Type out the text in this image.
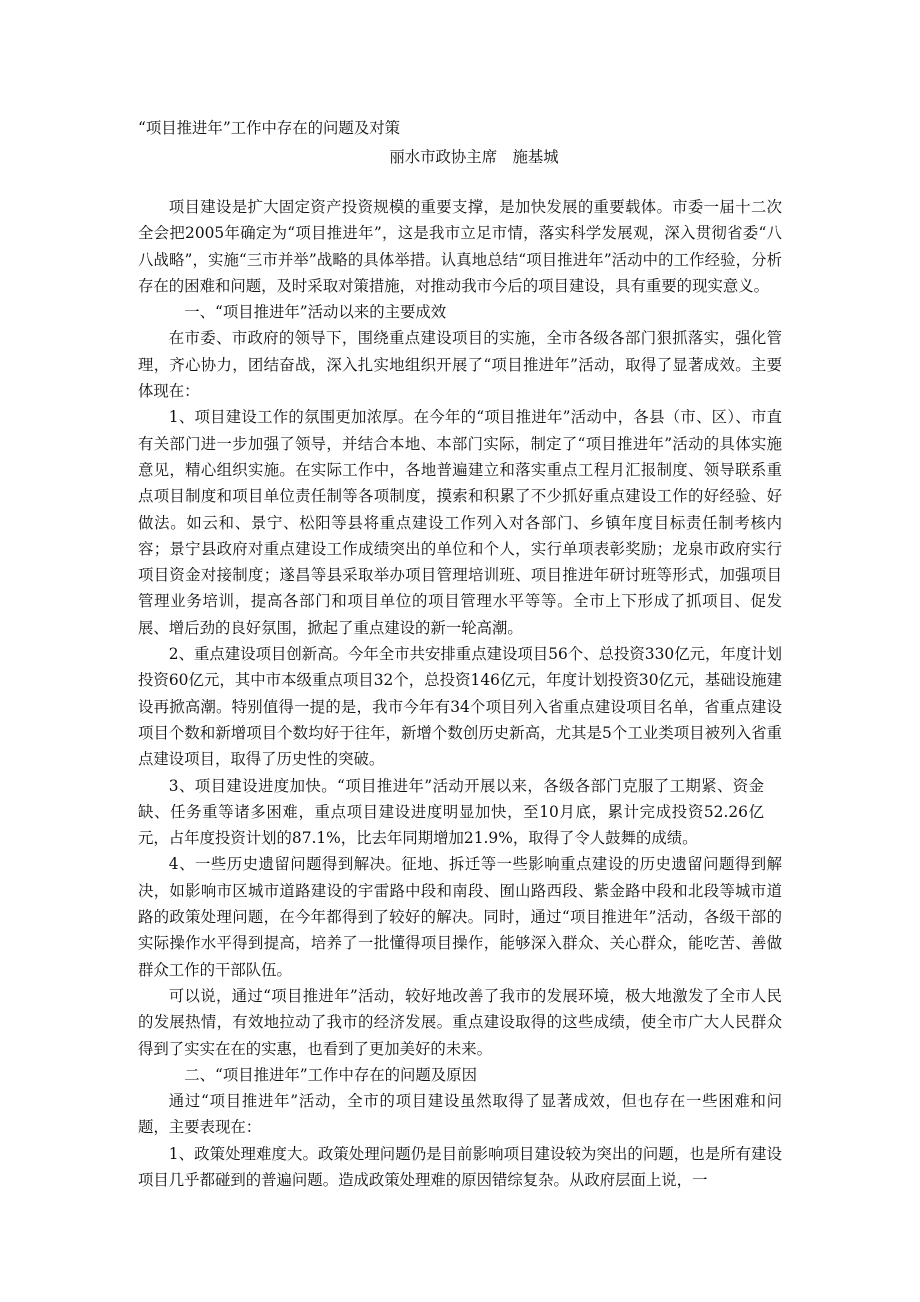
“项目推进年”工作中存在的问题及对策

丽水市政协主席　施基城

项目建设是扩大固定资产投资规模的重要支撑，是加快发展的重要载体。市委一届十二次全会把2005年确定为“项目推进年”，这是我市立足市情，落实科学发展观，深入贯彻省委“八八战略”，实施“三市并举”战略的具体举措。认真地总结“项目推进年”活动中的工作经验，分析存在的困难和问题，及时采取对策措施，对推动我市今后的项目建设，具有重要的现实意义。

一、“项目推进年”活动以来的主要成效

在市委、市政府的领导下，围绕重点建设项目的实施，全市各级各部门狠抓落实，强化管理，齐心协力，团结奋战，深入扎实地组织开展了“项目推进年”活动，取得了显著成效。主要体现在：

1、项目建设工作的氛围更加浓厚。在今年的“项目推进年”活动中，各县（市、区）、市直有关部门进一步加强了领导，并结合本地、本部门实际，制定了“项目推进年”活动的具体实施意见，精心组织实施。在实际工作中，各地普遍建立和落实重点工程月汇报制度、领导联系重点项目制度和项目单位责任制等各项制度，摸索和积累了不少抓好重点建设工作的好经验、好做法。如云和、景宁、松阳等县将重点建设工作列入对各部门、乡镇年度目标责任制考核内容；景宁县政府对重点建设工作成绩突出的单位和个人，实行单项表彰奖励；龙泉市政府实行项目资金对接制度；遂昌等县采取举办项目管理培训班、项目推进年研讨班等形式，加强项目管理业务培训，提高各部门和项目单位的项目管理水平等等。全市上下形成了抓项目、促发展、增后劲的良好氛围，掀起了重点建设的新一轮高潮。

2、重点建设项目创新高。今年全市共安排重点建设项目56个、总投资330亿元，年度计划投资60亿元，其中市本级重点项目32个，总投资146亿元，年度计划投资30亿元，基础设施建设再掀高潮。特别值得一提的是，我市今年有34个项目列入省重点建设项目名单，省重点建设项目个数和新增项目个数均好于往年，新增个数创历史新高，尤其是5个工业类项目被列入省重点建设项目，取得了历史性的突破。

3、项目建设进度加快。“项目推进年”活动开展以来，各级各部门克服了工期紧、资金缺、任务重等诸多困难，重点项目建设进度明显加快，至10月底，累计完成投资52.26亿元，占年度投资计划的87.1%，比去年同期增加21.9%，取得了令人鼓舞的成绩。

4、一些历史遗留问题得到解决。征地、拆迁等一些影响重点建设的历史遗留问题得到解决，如影响市区城市道路建设的宇雷路中段和南段、囿山路西段、紫金路中段和北段等城市道路的政策处理问题，在今年都得到了较好的解决。同时，通过“项目推进年”活动，各级干部的实际操作水平得到提高，培养了一批懂得项目操作，能够深入群众、关心群众，能吃苦、善做群众工作的干部队伍。

可以说，通过“项目推进年”活动，较好地改善了我市的发展环境，极大地激发了全市人民的发展热情，有效地拉动了我市的经济发展。重点建设取得的这些成绩，使全市广大人民群众得到了实实在在的实惠，也看到了更加美好的未来。

二、“项目推进年”工作中存在的问题及原因

通过“项目推进年”活动，全市的项目建设虽然取得了显著成效，但也存在一些困难和问题，主要表现在：

1、政策处理难度大。政策处理问题仍是目前影响项目建设较为突出的问题，也是所有建设项目几乎都碰到的普遍问题。造成政策处理难的原因错综复杂。从政府层面上说，一
